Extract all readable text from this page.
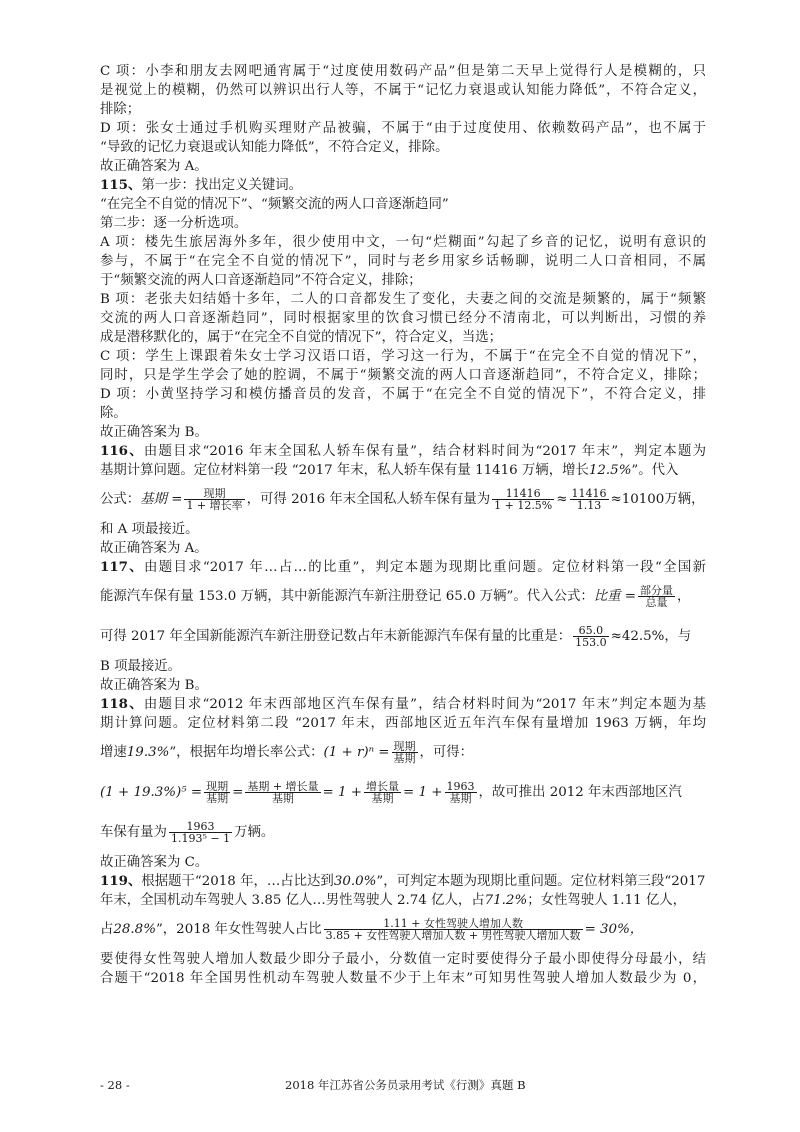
C 项：小李和朋友去网吧通宵属于“过度使用数码产品”但是第二天早上觉得行人是模糊的，只
是视觉上的模糊，仍然可以辨识出行人等，不属于“记忆力衰退或认知能力降低”，不符合定义，
排除；
D 项：张女士通过手机购买理财产品被骗，不属于“由于过度使用、依赖数码产品”，也不属于
“导致的记忆力衰退或认知能力降低”，不符合定义，排除。
故正确答案为 A。
115、第一步：找出定义关键词。
“在完全不自觉的情况下”、“频繁交流的两人口音逐渐趋同”
第二步：逐一分析选项。
A 项：楼先生旅居海外多年，很少使用中文，一句“烂糊面”勾起了乡音的记忆，说明有意识的
参与，不属于“在完全不自觉的情况下”，同时与老乡用家乡话畅聊，说明二人口音相同，不属
于“频繁交流的两人口音逐渐趋同”不符合定义，排除；
B 项：老张夫妇结婚十多年，二人的口音都发生了变化，夫妻之间的交流是频繁的，属于“频繁
交流的两人口音逐渐趋同”，同时根据家里的饮食习惯已经分不清南北，可以判断出，习惯的养
成是潜移默化的，属于“在完全不自觉的情况下”，符合定义，当选；
C 项：学生上课跟着朱女士学习汉语口语，学习这一行为，不属于“在完全不自觉的情况下”，
同时，只是学生学会了她的腔调，不属于“频繁交流的两人口音逐渐趋同”，不符合定义，排除；
D 项：小黄坚持学习和模仿播音员的发音，不属于“在完全不自觉的情况下”，不符合定义，排
除。
故正确答案为 B。
116、由题目求“2016 年末全国私人轿车保有量”，结合材料时间为“2017 年末”，判定本题为
基期计算问题。定位材料第一段 “2017 年末，私人轿车保有量 11416 万辆，增长12.5%”。代入
公式：基期 = $\frac{\text{现期}}{\text{1 + 增长率}}$ ，可得 2016 年末全国私人轿车保有量为 $\frac{11416}{1 + 12.5\%} \approx \frac{11416}{1.13} \approx 10100$万辆，
和 A 项最接近。
故正确答案为 A。
117、由题目求“2017 年…占…的比重”，判定本题为现期比重问题。定位材料第一段“全国新
能源汽车保有量 153.0 万辆，其中新能源汽车新注册登记 65.0 万辆”。代入公式：比重 = $\frac{\text{部分量}}{\text{总量}}$ ，
可得 2017 年全国新能源汽车新注册登记数占年末新能源汽车保有量的比重是： $\frac{65.0}{153.0} \approx 42.5\%$，与
B 项最接近。
故正确答案为 B。
118、由题目求“2012 年末西部地区汽车保有量”，结合材料时间为“2017 年末”判定本题为基
期计算问题。定位材料第二段 “2017 年末，西部地区近五年汽车保有量增加 1963 万辆，年均
增速19.3%”，根据年均增长率公式：$(1 + r)^n = \frac{\text{现期}}{\text{基期}}$ ，可得：
$(1 + 19.3\%)^5 = \frac{\text{现期}}{\text{基期}} = \frac{\text{基期 + 增长量}}{\text{基期}} = 1 + \frac{\text{增长量}}{\text{基期}} = 1 + \frac{1963}{\text{基期}}$ ，故可推出 2012 年末西部地区汽
车保有量为 $\frac{1963}{\text{1.193⁵ − 1}}$ 万辆。
故正确答案为 C。
119、根据题干“2018 年，…占比达到30.0%”，可判定本题为现期比重问题。定位材料第三段“2017
年末，全国机动车驾驶人 3.85 亿人…男性驾驶人 2.74 亿人，占71.2%；女性驾驶人 1.11 亿人，
占28.8%”，2018 年女性驾驶人占比 $\frac{\text{1.11 + 女性驾驶人增加人数}}{\text{3.85 + 女性驾驶人增加人数 + 男性驾驶人增加人数}} = 30\%$，
要使得女性驾驶人增加人数最少即分子最小，分数值一定时要使得分子最小即使得分母最小，结
合题干“2018 年全国男性机动车驾驶人数量不少于上年末”可知男性驾驶人增加人数最少为 0，
- 28 -	2018 年江苏省公务员录用考试《行测》真题 B
